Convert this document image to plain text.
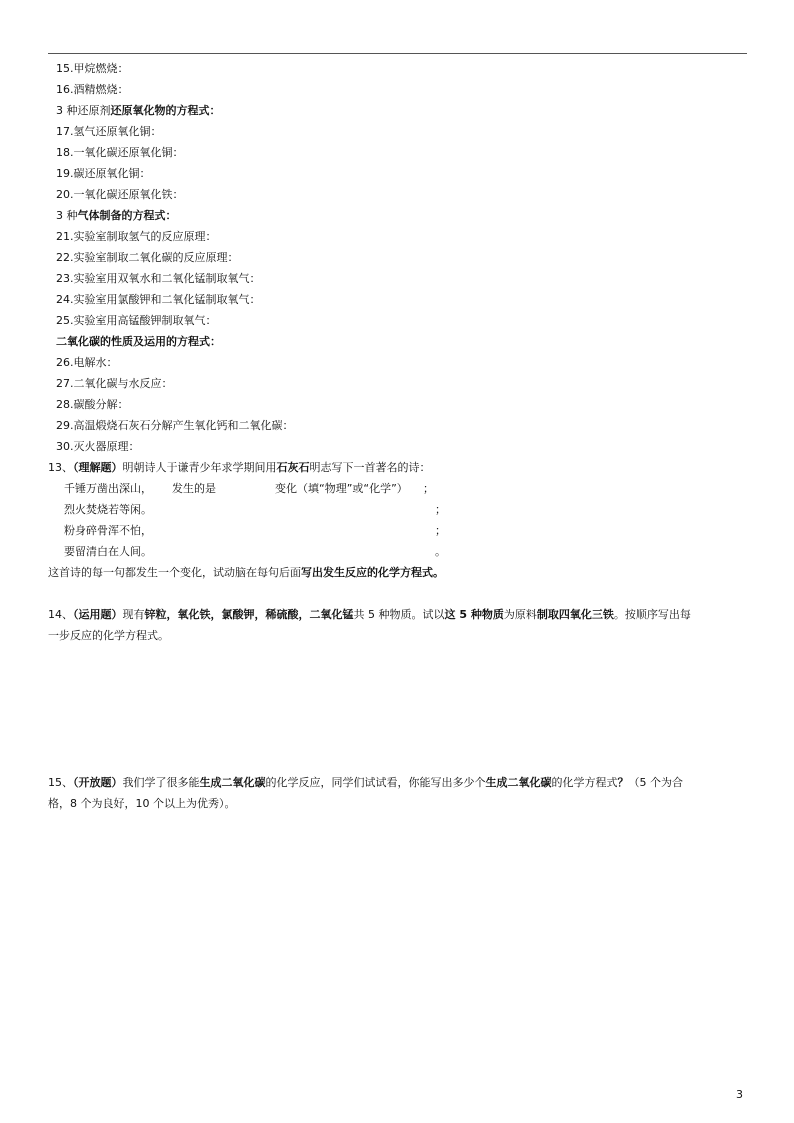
15.甲烷燃烧：
16.酒精燃烧：
3 种还原剂还原氧化物的方程式：
17.氢气还原氧化铜：
18.一氧化碳还原氧化铜：
19.碳还原氧化铜：
20.一氧化碳还原氧化铁：
3 种气体制备的方程式：
21.实验室制取氢气的反应原理：
22.实验室制取二氧化碳的反应原理：
23.实验室用双氧水和二氧化锰制取氧气：
24.实验室用氯酸钾和二氧化锰制取氧气：
25.实验室用高锰酸钾制取氧气：
二氧化碳的性质及运用的方程式：
26.电解水：
27.二氧化碳与水反应：
28.碳酸分解：
29.高温煅烧石灰石分解产生氧化钙和二氧化碳：
30.灭火器原理：
13、（理解题）明朝诗人于谦青少年求学期间用石灰石明志写下一首著名的诗：
千锤万凿出深山， 发生的是	变化（填“物理”或“化学”） ；
烈火焚烧若等闲。	；
粉身碎骨浑不怕，	；
要留清白在人间。	。
这首诗的每一句都发生一个变化，试动脑在每句后面写出发生反应的化学方程式。
14、（运用题）现有锌粒，氧化铁，氯酸钾，稀硫酸，二氧化锰共 5 种物质。试以这 5 种物质为原料制取四氧化三铁。按顺序写出每
一步反应的化学方程式。
15、（开放题）我们学了很多能生成二氧化碳的化学反应，同学们试试看，你能写出多少个生成二氧化碳的化学方程式？（5 个为合
格，8 个为良好，10 个以上为优秀）。
3
